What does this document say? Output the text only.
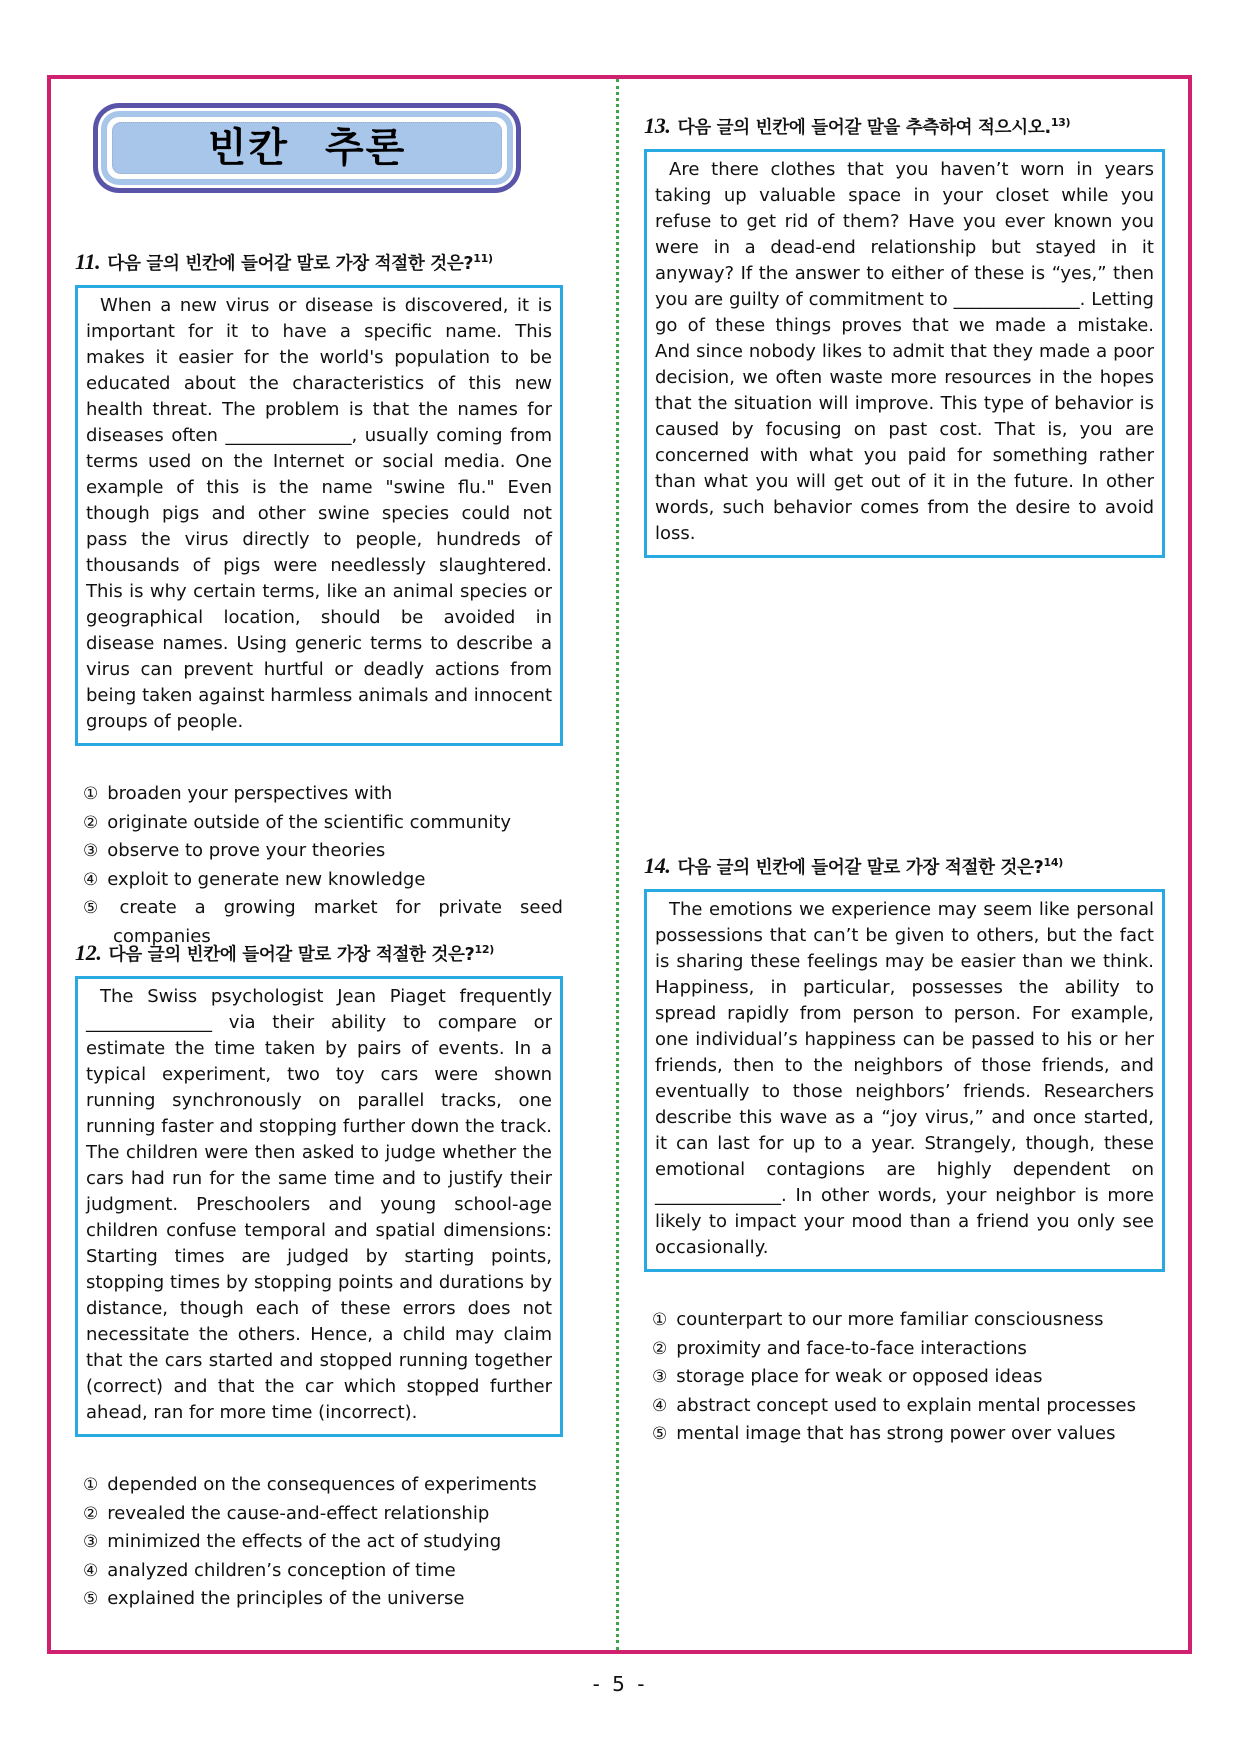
빈칸 추론
11. 다음 글의 빈칸에 들어갈 말로 가장 적절한 것은?$^{11)}$

When a new virus or disease is discovered, it is important for it to have a specific name. This makes it easier for the world's population to be educated about the characteristics of this new health threat. The problem is that the names for diseases often ______________, usually coming from terms used on the Internet or social media. One example of this is the name "swine flu." Even though pigs and other swine species could not pass the virus directly to people, hundreds of thousands of pigs were needlessly slaughtered. This is why certain terms, like an animal species or geographical location, should be avoided in disease names. Using generic terms to describe a virus can prevent hurtful or deadly actions from being taken against harmless animals and innocent groups of people.

① broaden your perspectives with
② originate outside of the scientific community
③ observe to prove your theories
④ exploit to generate new knowledge
⑤ create a growing market for private seed companies
12. 다음 글의 빈칸에 들어갈 말로 가장 적절한 것은?$^{12)}$

The Swiss psychologist Jean Piaget frequently ______________ via their ability to compare or estimate the time taken by pairs of events. In a typical experiment, two toy cars were shown running synchronously on parallel tracks, one running faster and stopping further down the track. The children were then asked to judge whether the cars had run for the same time and to justify their judgment. Preschoolers and young school-age children confuse temporal and spatial dimensions: Starting times are judged by starting points, stopping times by stopping points and durations by distance, though each of these errors does not necessitate the others. Hence, a child may claim that the cars started and stopped running together (correct) and that the car which stopped further ahead, ran for more time (incorrect).

① depended on the consequences of experiments
② revealed the cause-and-effect relationship
③ minimized the effects of the act of studying
④ analyzed children’s conception of time
⑤ explained the principles of the universe
13. 다음 글의 빈칸에 들어갈 말을 추측하여 적으시오.$^{13)}$

Are there clothes that you haven’t worn in years taking up valuable space in your closet while you refuse to get rid of them? Have you ever known you were in a dead-end relationship but stayed in it anyway? If the answer to either of these is “yes,” then you are guilty of commitment to ______________. Letting go of these things proves that we made a mistake. And since nobody likes to admit that they made a poor decision, we often waste more resources in the hopes that the situation will improve. This type of behavior is caused by focusing on past cost. That is, you are concerned with what you paid for something rather than what you will get out of it in the future. In other words, such behavior comes from the desire to avoid loss.

14. 다음 글의 빈칸에 들어갈 말로 가장 적절한 것은?$^{14)}$

The emotions we experience may seem like personal possessions that can’t be given to others, but the fact is sharing these feelings may be easier than we think. Happiness, in particular, possesses the ability to spread rapidly from person to person. For example, one individual’s happiness can be passed to his or her friends, then to the neighbors of those friends, and eventually to those neighbors’ friends. Researchers describe this wave as a “joy virus,” and once started, it can last for up to a year. Strangely, though, these emotional contagions are highly dependent on ______________. In other words, your neighbor is more likely to impact your mood than a friend you only see occasionally.

① counterpart to our more familiar consciousness
② proximity and face-to-face interactions
③ storage place for weak or opposed ideas
④ abstract concept used to explain mental processes
⑤ mental image that has strong power over values
- 5 -
